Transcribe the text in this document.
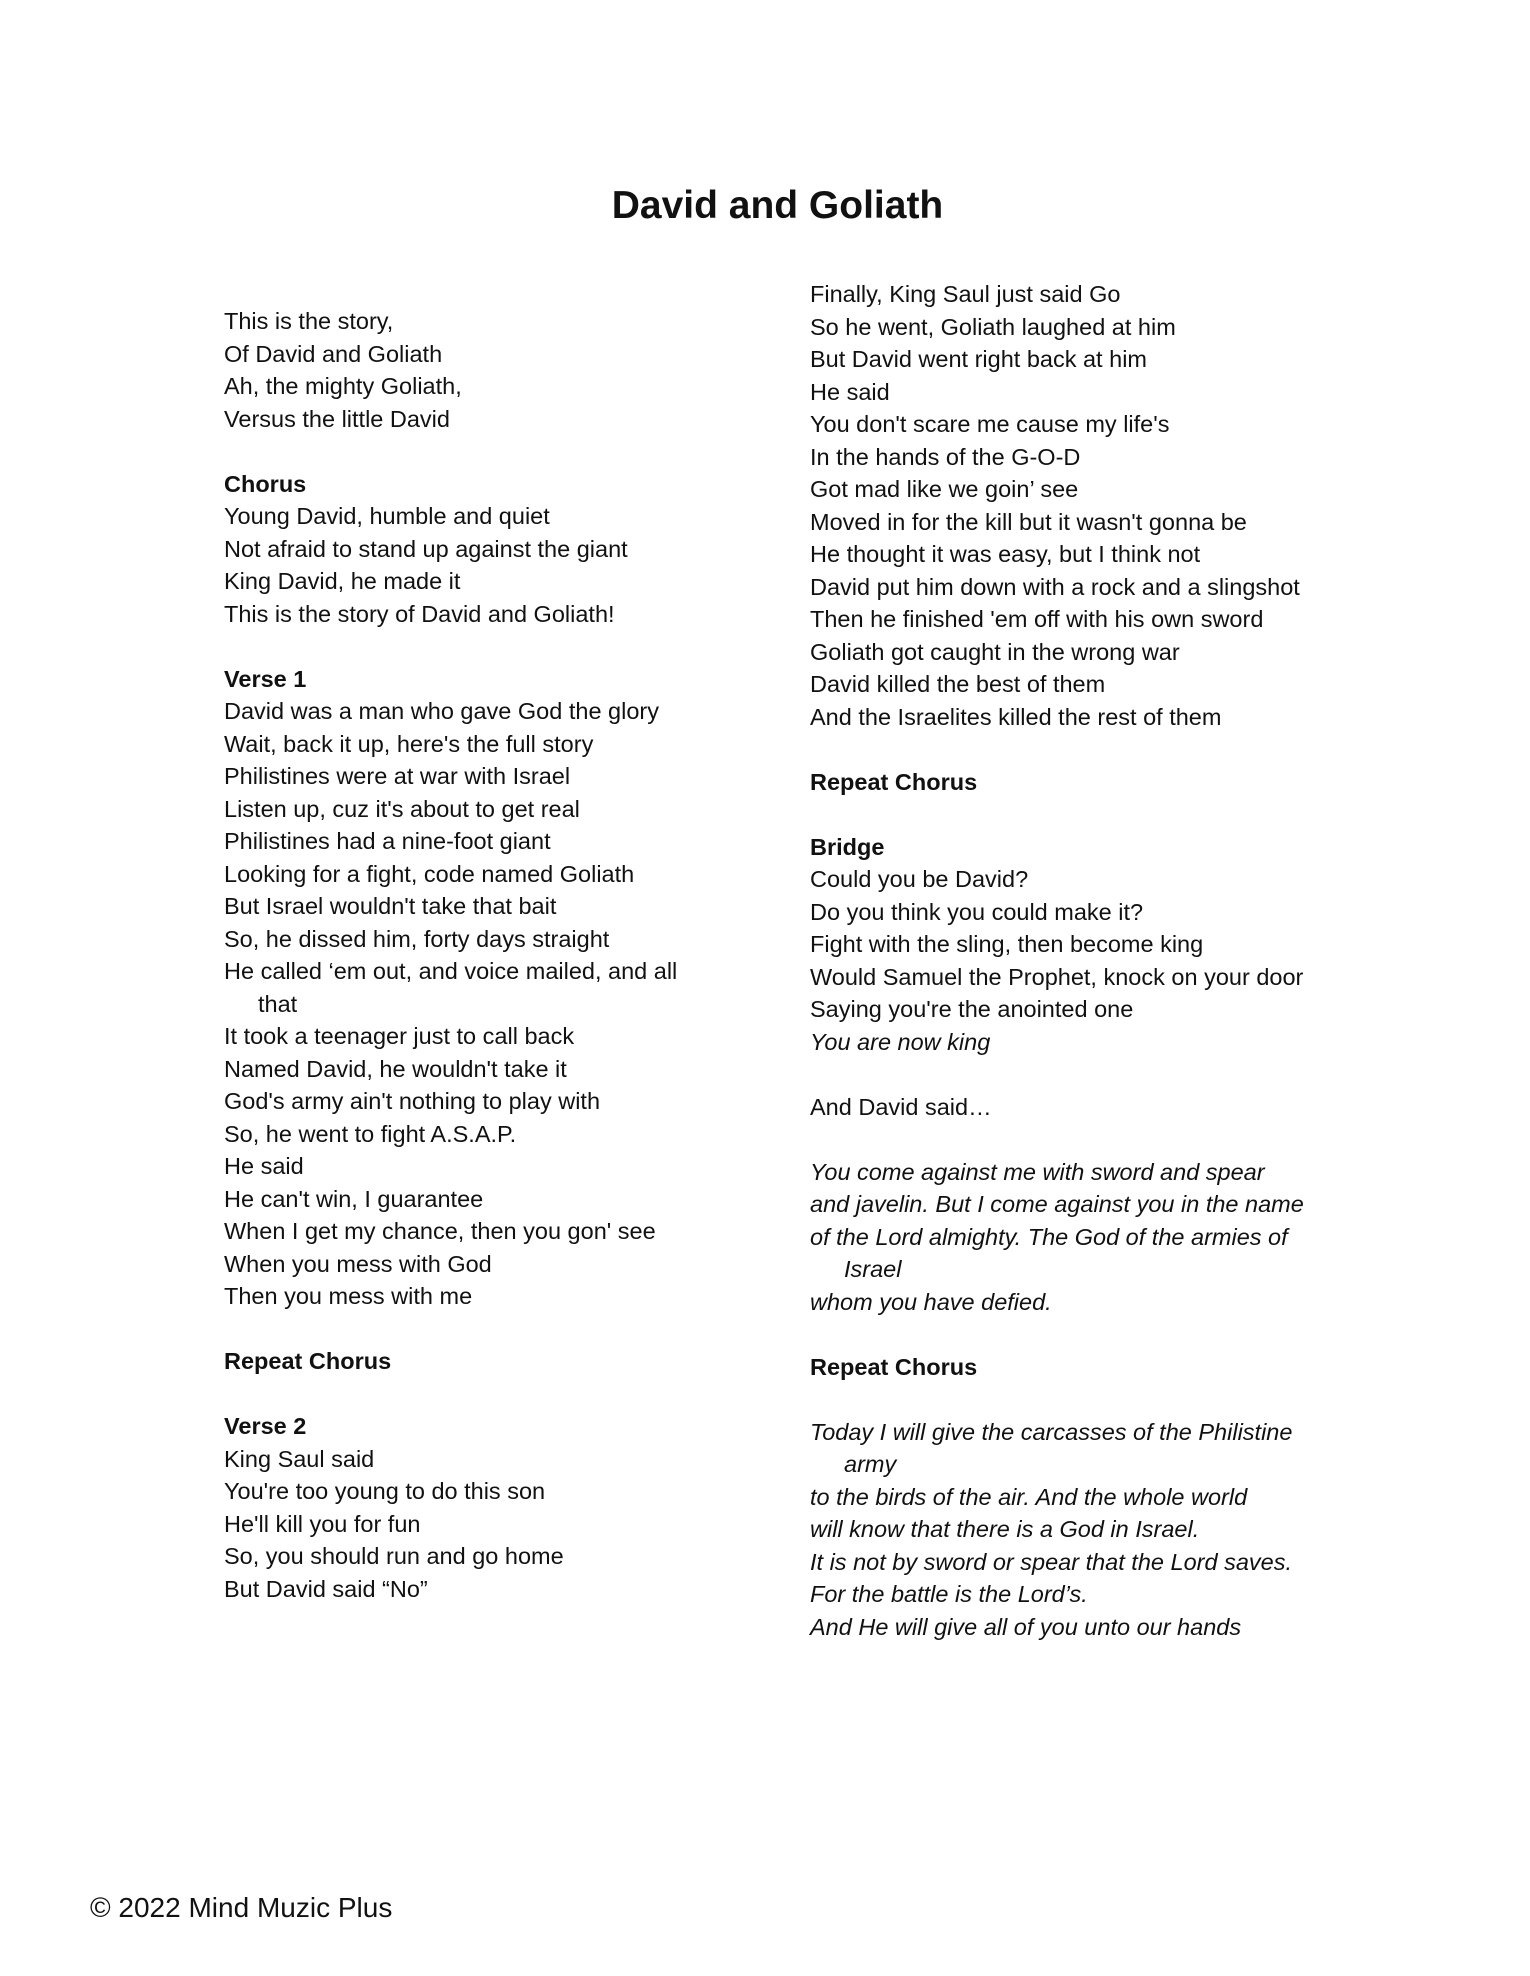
David and Goliath
This is the story,
Of David and Goliath
Ah, the mighty Goliath,
Versus the little David
Chorus
Young David, humble and quiet
Not afraid to stand up against the giant
King David, he made it
This is the story of David and Goliath!
Verse 1
David was a man who gave God the glory
Wait, back it up, here's the full story
Philistines were at war with Israel
Listen up, cuz it's about to get real
Philistines had a nine-foot giant
Looking for a fight, code named Goliath
But Israel wouldn't take that bait
So, he dissed him, forty days straight
He called ‘em out, and voice mailed, and all that
It took a teenager just to call back
Named David, he wouldn't take it
God's army ain't nothing to play with
So, he went to fight A.S.A.P.
He said
He can't win, I guarantee
When I get my chance, then you gon' see
When you mess with God
Then you mess with me
Repeat Chorus
Verse 2
King Saul said
You're too young to do this son
He'll kill you for fun
So, you should run and go home
But David said “No”
Finally, King Saul just said Go
So he went, Goliath laughed at him
But David went right back at him
He said
You don't scare me cause my life's
In the hands of the G-O-D
Got mad like we goin’ see
Moved in for the kill but it wasn't gonna be
He thought it was easy, but I think not
David put him down with a rock and a slingshot
Then he finished 'em off with his own sword
Goliath got caught in the wrong war
David killed the best of them
And the Israelites killed the rest of them
Repeat Chorus
Bridge
Could you be David?
Do you think you could make it?
Fight with the sling, then become king
Would Samuel the Prophet, knock on your door
Saying you're the anointed one
You are now king
And David said…
You come against me with sword and spear
and javelin. But I come against you in the name
of the Lord almighty. The God of the armies of Israel
whom you have defied.
Repeat Chorus
Today I will give the carcasses of the Philistine army
to the birds of the air. And the whole world
will know that there is a God in Israel.
It is not by sword or spear that the Lord saves.
For the battle is the Lord’s.
And He will give all of you unto our hands
© 2022 Mind Muzic Plus
